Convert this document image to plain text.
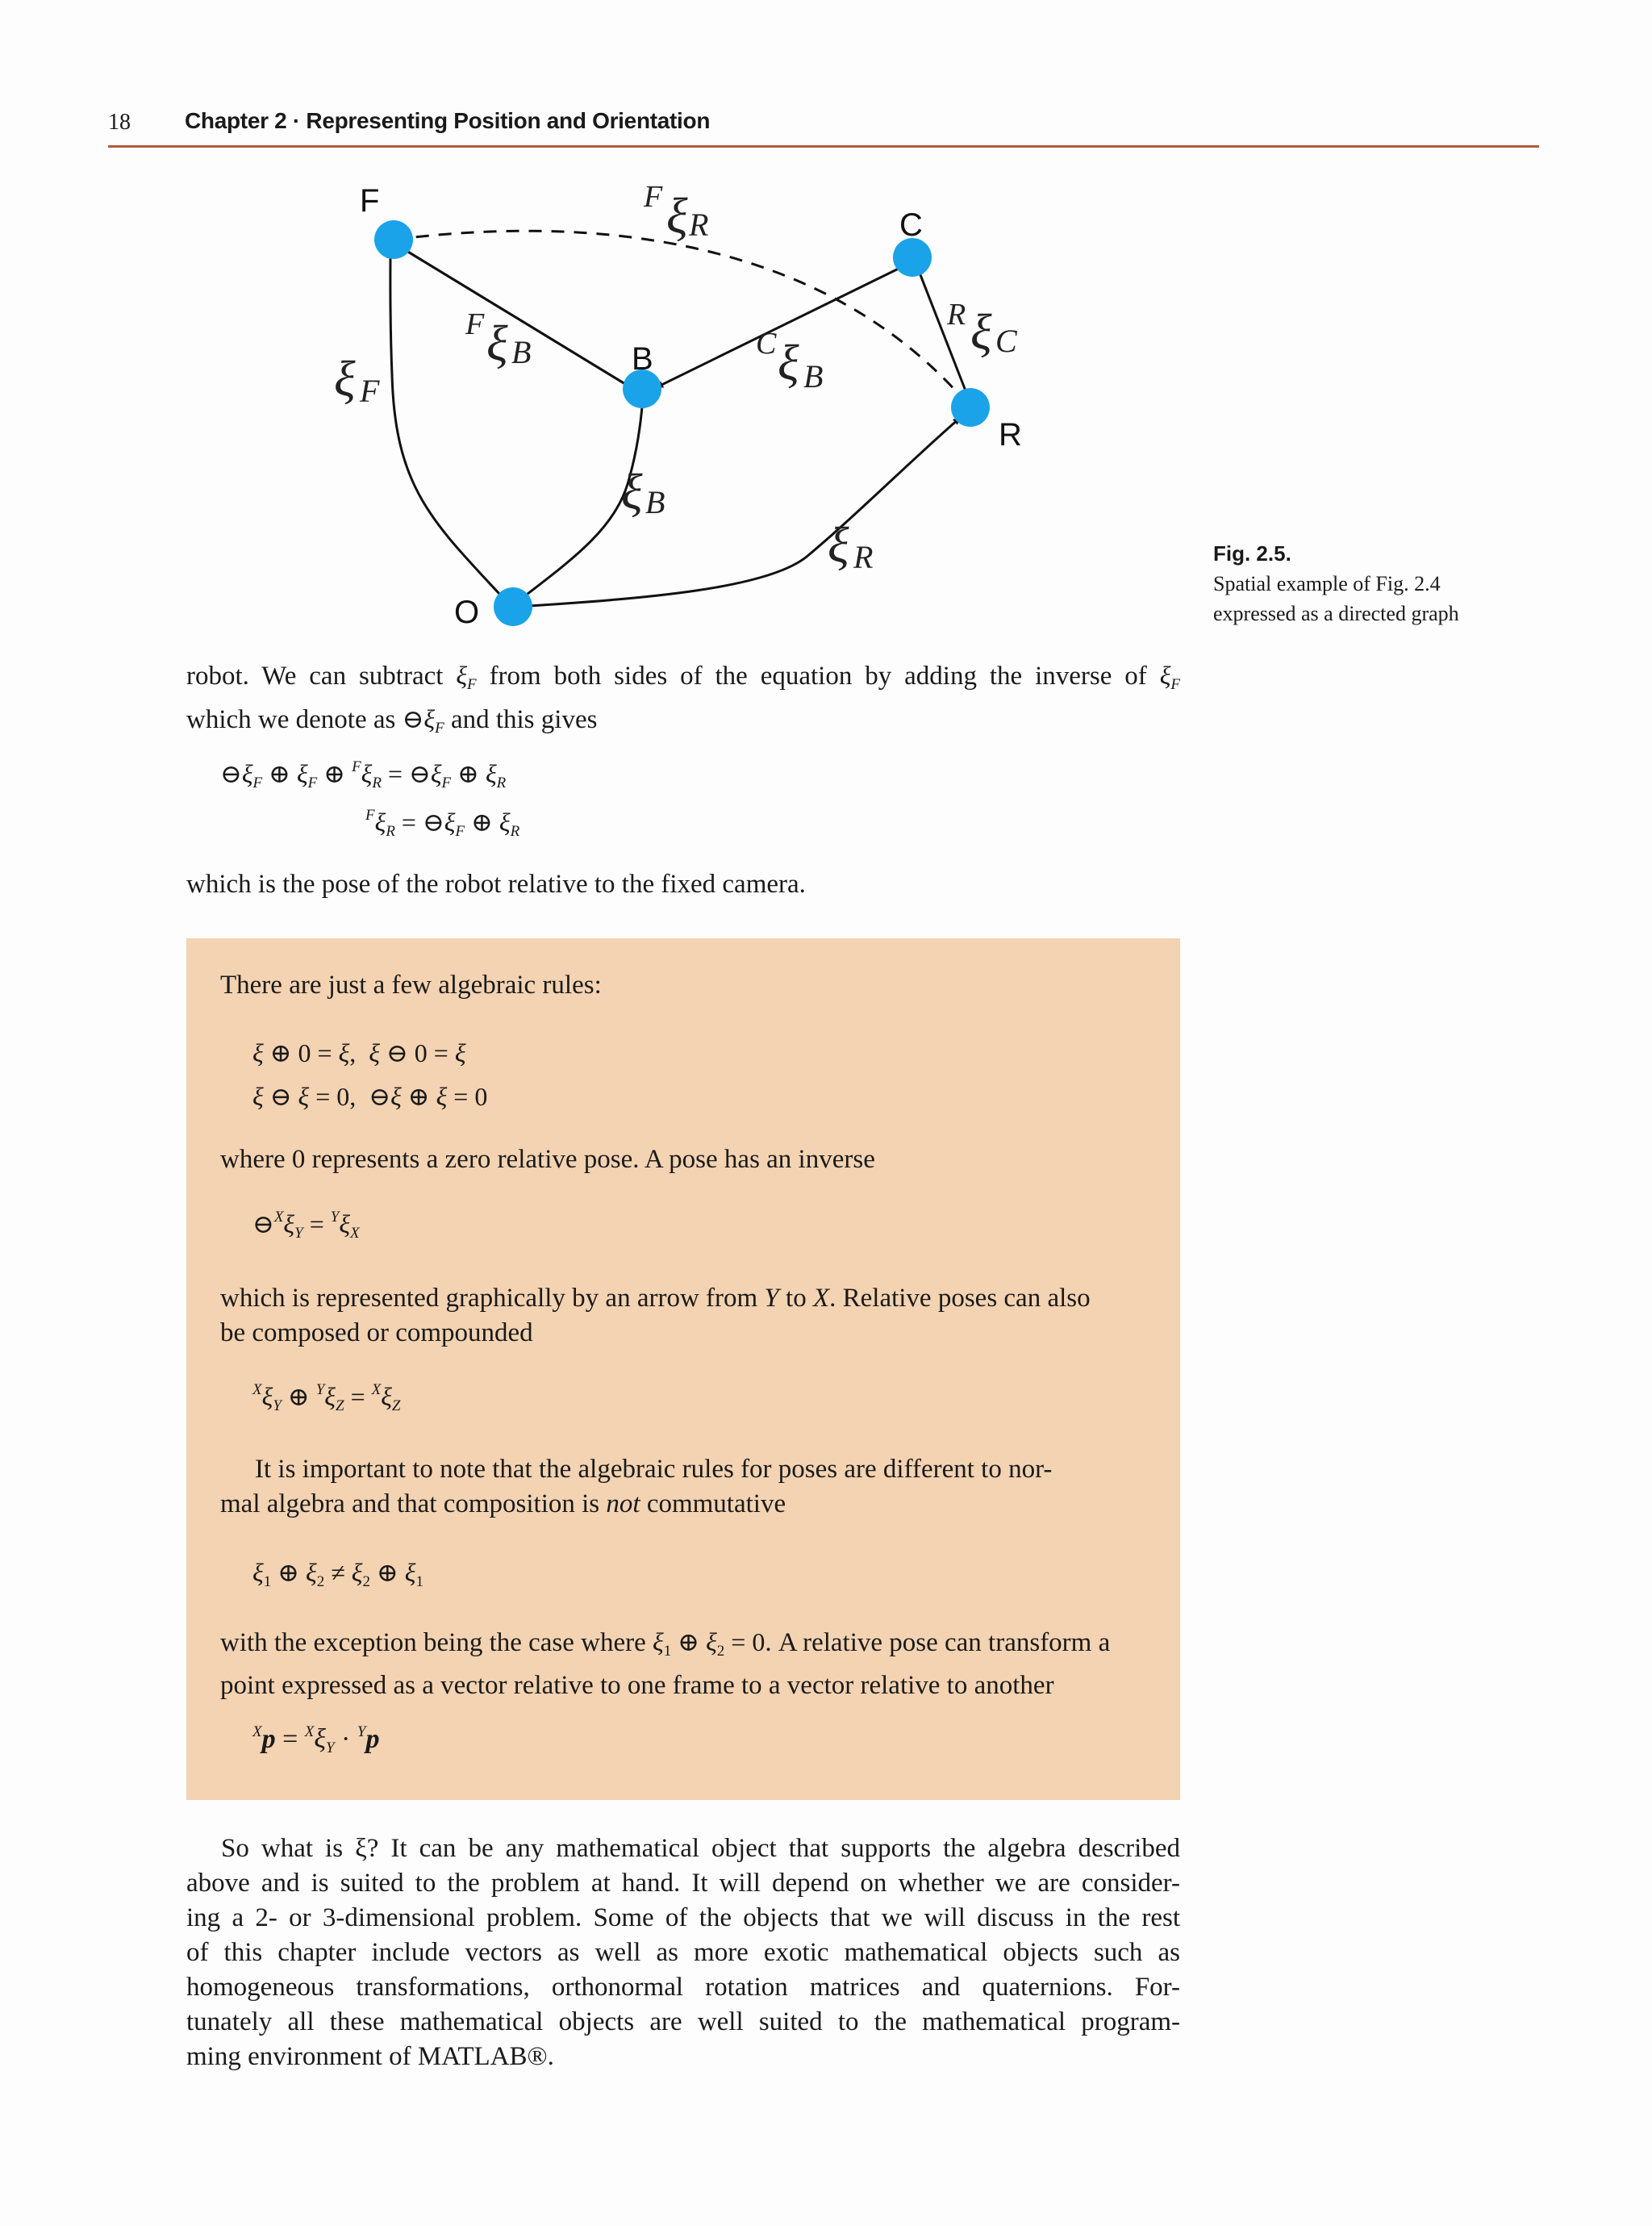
18 Chapter 2 · Representing Position and Orientation
F
B
C
R
O
F ξ R
F ξ B	C ξ B
R ξ C
ξ F
ξ B
ξ R	Fig. 2.5.
Spatial example of Fig. 2.4
expressed as a directed graph
robot. We can subtract $\xi_F$ from both sides of the equation by adding the inverse of $\xi_F$
which we denote as $⊖\xi_F$ and this gives
$⊖\xi_F$ ⊕ $\xi_F$ ⊕ $^F\xi_R$ = $⊖\xi_F$ ⊕ $\xi_R$
$^F\xi_R$ = $⊖\xi_F$ ⊕ $\xi_R$
which is the pose of the robot relative to the fixed camera.
There are just a few algebraic rules:
ξ ⊕ 0 = ξ,  ξ ⊖ 0 = ξ
ξ ⊖ ξ = 0,  ⊖ξ ⊕ ξ = 0
where 0 represents a zero relative pose. A pose has an inverse
$⊖^X\xi_Y = ^Y\xi_X$
which is represented graphically by an arrow from Y to X. Relative poses can also
be composed or compounded
$^X\xi_Y$ ⊕ $^Y\xi_Z = ^X\xi_Z$
It is important to note that the algebraic rules for poses are different to nor-
mal algebra and that composition is not commutative
$\xi_1$ ⊕ $\xi_2 \ne \xi_2$ ⊕ $\xi_1$
with the exception being the case where $\xi_1$ ⊕ $\xi_2 = 0$. A relative pose can transform a
point expressed as a vector relative to one frame to a vector relative to another
$^Xp = ^X\xi_Y \cdot ^Yp$
So what is ξ? It can be any mathematical object that supports the algebra described
above and is suited to the problem at hand. It will depend on whether we are consider-
ing a 2- or 3-dimensional problem. Some of the objects that we will discuss in the rest
of this chapter include vectors as well as more exotic mathematical objects such as
homogeneous transformations, orthonormal rotation matrices and quaternions. For-
tunately all these mathematical objects are well suited to the mathematical program-
ming environment of MATLAB®.
